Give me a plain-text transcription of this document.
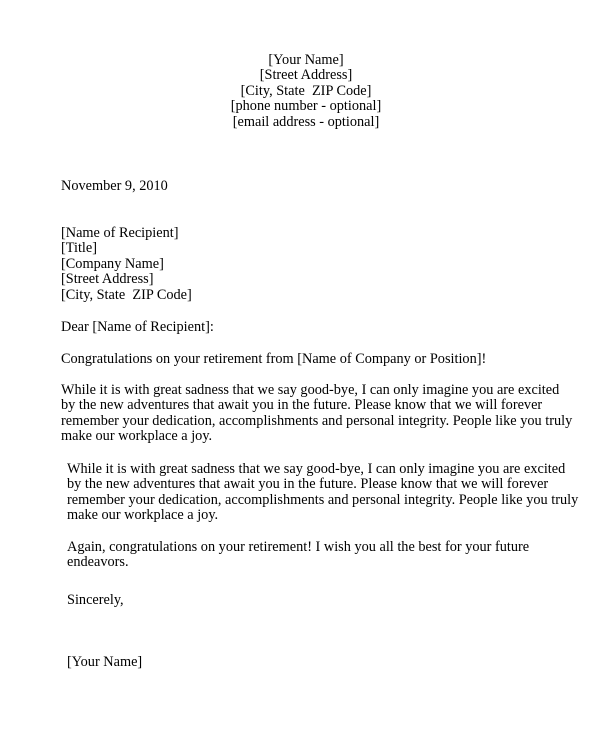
[Your Name]
[Street Address]
[City, State  ZIP Code]
[phone number - optional]
[email address - optional]
November 9, 2010
[Name of Recipient]
[Title]
[Company Name]
[Street Address]
[City, State  ZIP Code]
Dear [Name of Recipient]:
Congratulations on your retirement from [Name of Company or Position]!
While it is with great sadness that we say good-bye, I can only imagine you are excited
by the new adventures that await you in the future. Please know that we will forever
remember your dedication, accomplishments and personal integrity. People like you truly
make our workplace a joy.
While it is with great sadness that we say good-bye, I can only imagine you are excited
by the new adventures that await you in the future. Please know that we will forever
remember your dedication, accomplishments and personal integrity. People like you truly
make our workplace a joy.
Again, congratulations on your retirement! I wish you all the best for your future
endeavors.
Sincerely,
[Your Name]
